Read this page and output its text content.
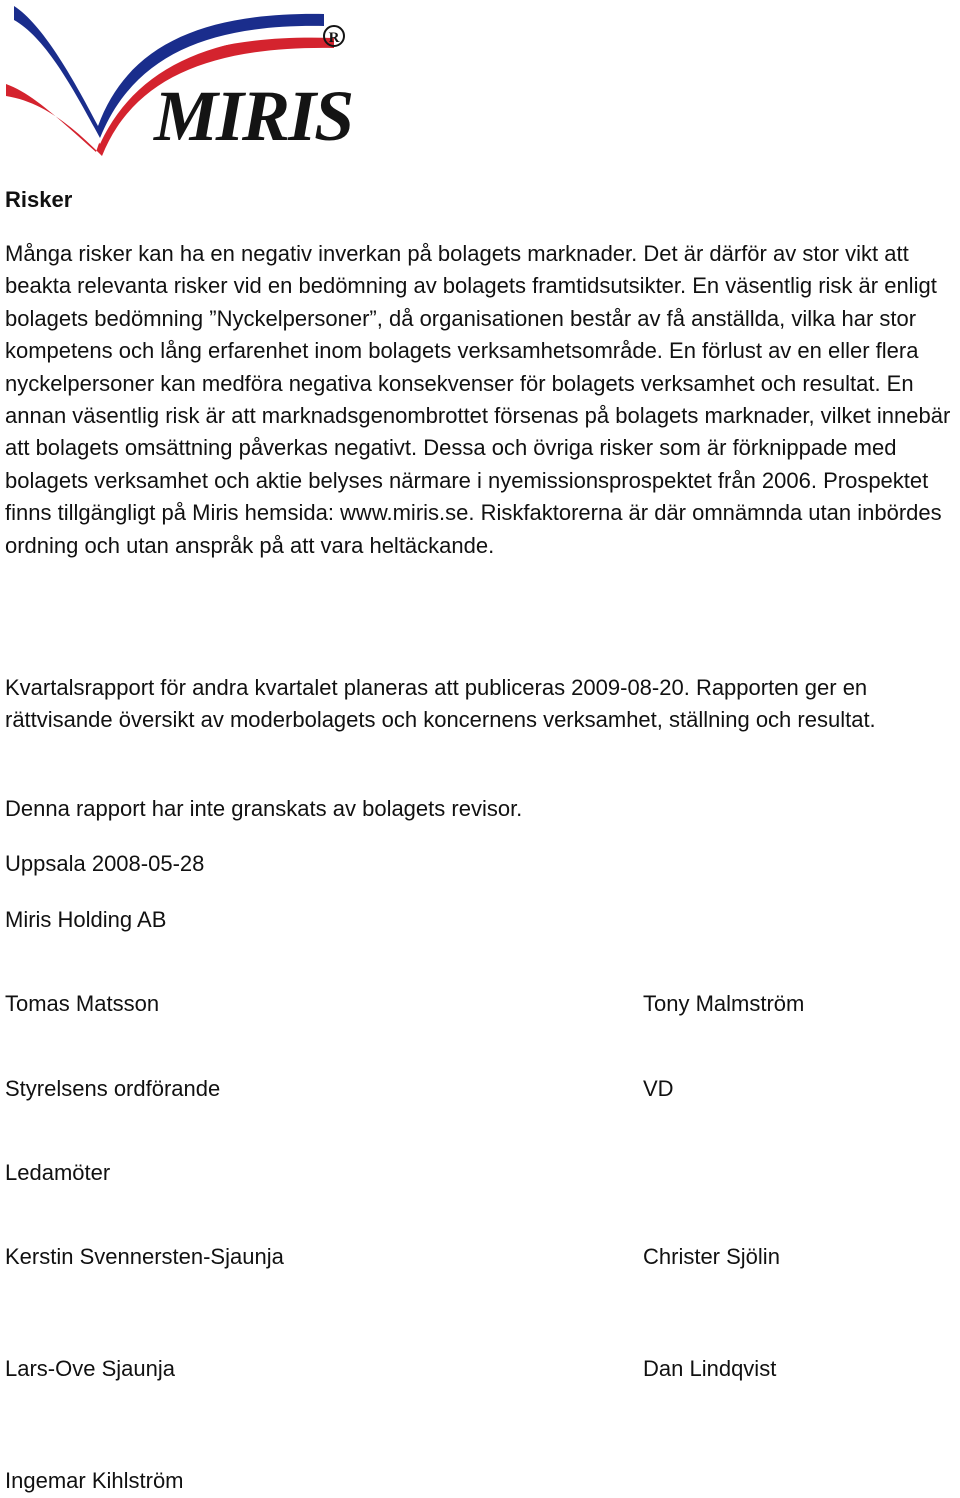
R
MIRIS
Risker
Många risker kan ha en negativ inverkan på bolagets marknader. Det är därför av stor vikt att beakta relevanta risker vid en bedömning av bolagets framtidsutsikter. En väsentlig risk är enligt bolagets bedömning ”Nyckelpersoner”, då organisationen består av få anställda, vilka har stor kompetens och lång erfarenhet inom bolagets verksamhetsområde. En förlust av en eller flera nyckelpersoner kan medföra negativa konsekvenser för bolagets verksamhet och resultat. En annan väsentlig risk är att marknadsgenombrottet försenas på bolagets marknader, vilket innebär att bolagets omsättning påverkas negativt. Dessa och övriga risker som är förknippade med bolagets verksamhet och aktie belyses närmare i nyemissionsprospektet från 2006. Prospektet finns tillgängligt på Miris hemsida: www.miris.se. Riskfaktorerna är där omnämnda utan inbördes ordning och utan anspråk på att vara heltäckande.
Kvartalsrapport för andra kvartalet planeras att publiceras 2009-08-20. Rapporten ger en rättvisande översikt av moderbolagets och koncernens verksamhet, ställning och resultat.
Denna rapport har inte granskats av bolagets revisor.
Uppsala 2008-05-28
Miris Holding AB
Tomas Matsson	Tony Malmström
Styrelsens ordförande	VD
Ledamöter
Kerstin Svennersten-Sjaunja	Christer Sjölin
Lars-Ove Sjaunja	Dan Lindqvist
Ingemar Kihlström
